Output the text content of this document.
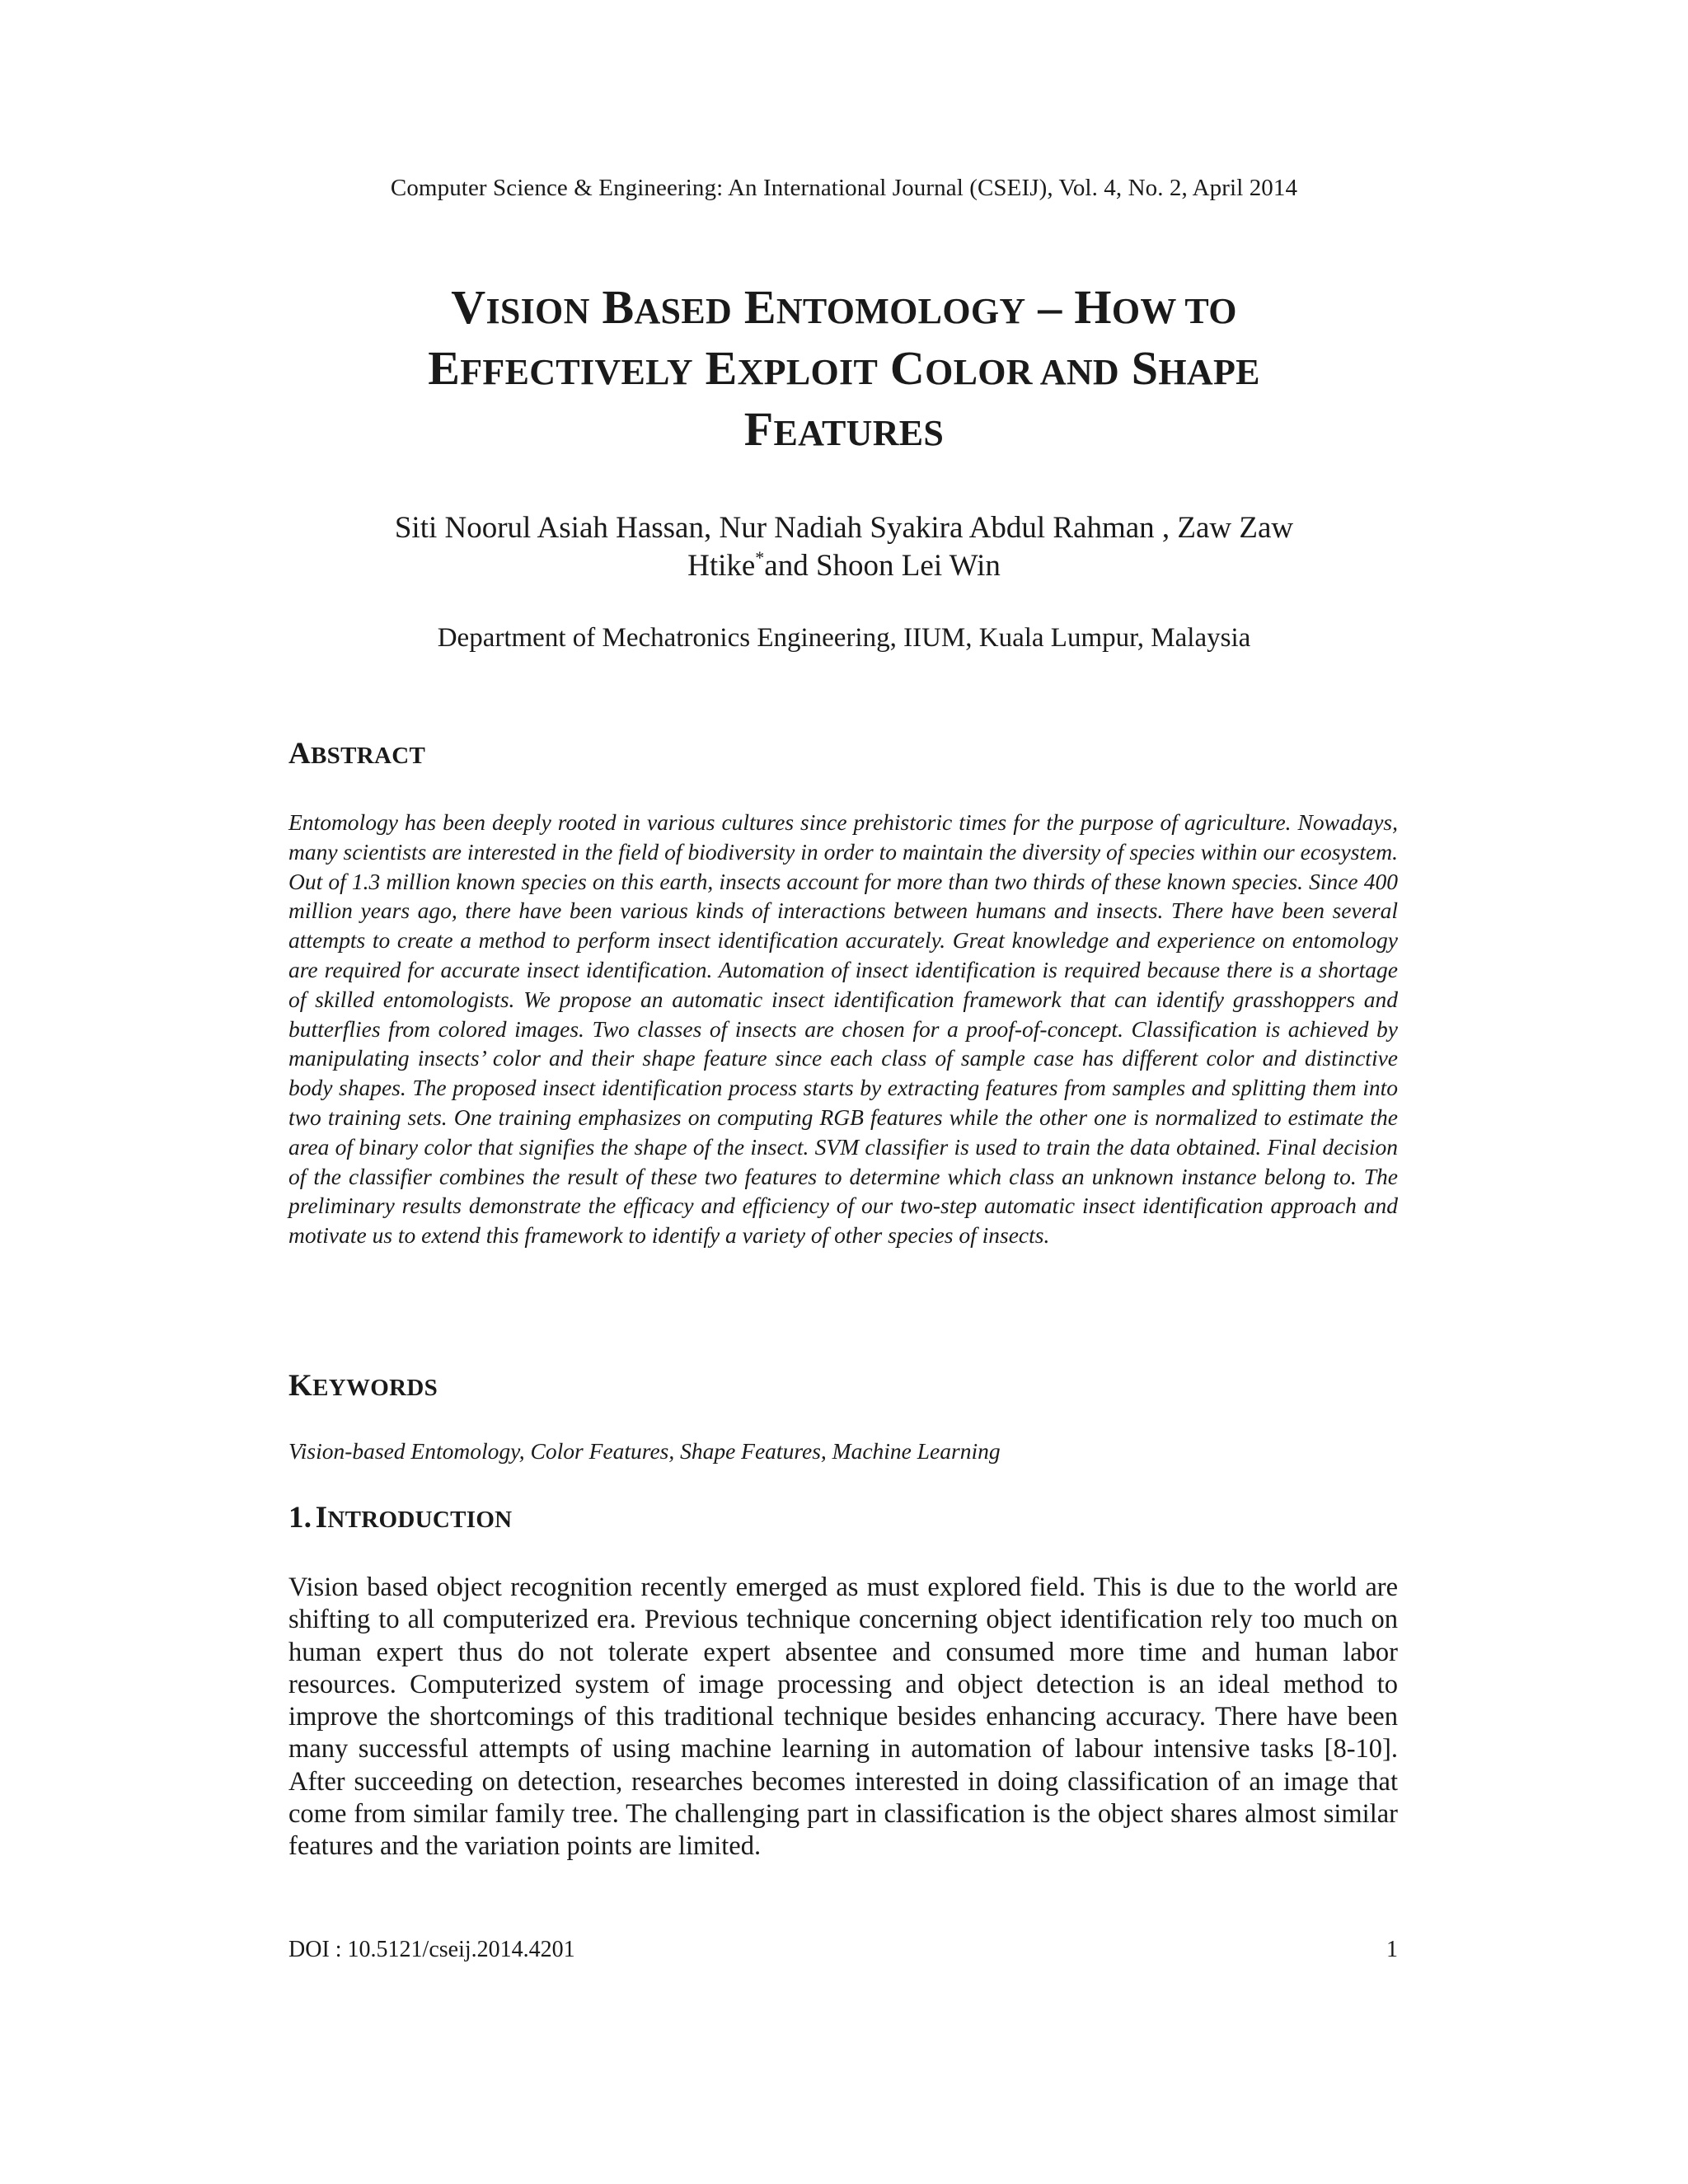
Computer Science & Engineering: An International Journal (CSEIJ), Vol. 4, No. 2, April 2014
VISION BASED ENTOMOLOGY – HOW TO
EFFECTIVELY EXPLOIT COLOR AND SHAPE
FEATURES
Siti Noorul Asiah Hassan, Nur Nadiah Syakira Abdul Rahman , Zaw Zaw
Htike*and Shoon Lei Win
Department of Mechatronics Engineering, IIUM, Kuala Lumpur, Malaysia
ABSTRACT
Entomology has been deeply rooted in various cultures since prehistoric times for the purpose of agriculture. Nowadays, many scientists are interested in the field of biodiversity in order to maintain the diversity of species within our ecosystem. Out of 1.3 million known species on this earth, insects account for more than two thirds of these known species. Since 400 million years ago, there have been various kinds of interactions between humans and insects. There have been several attempts to create a method to perform insect identification accurately. Great knowledge and experience on entomology are required for accurate insect identification. Automation of insect identification is required because there is a shortage of skilled entomologists. We propose an automatic insect identification framework that can identify grasshoppers and butterflies from colored images. Two classes of insects are chosen for a proof-of-concept. Classification is achieved by manipulating insects’ color and their shape feature since each class of sample case has different color and distinctive body shapes. The proposed insect identification process starts by extracting features from samples and splitting them into two training sets. One training emphasizes on computing RGB features while the other one is normalized to estimate the area of binary color that signifies the shape of the insect. SVM classifier is used to train the data obtained. Final decision of the classifier combines the result of these two features to determine which class an unknown instance belong to. The preliminary results demonstrate the efficacy and efficiency of our two-step automatic insect identification approach and motivate us to extend this framework to identify a variety of other species of insects.
KEYWORDS
Vision-based Entomology, Color Features, Shape Features, Machine Learning
1. INTRODUCTION
Vision based object recognition recently emerged as must explored field. This is due to the world are shifting to all computerized era. Previous technique concerning object identification rely too much on human expert thus do not tolerate expert absentee and consumed more time and human labor resources. Computerized system of image processing and object detection is an ideal method to improve the shortcomings of this traditional technique besides enhancing accuracy. There have been many successful attempts of using machine learning in automation of labour intensive tasks [8-10]. After succeeding on detection, researches becomes interested in doing classification of an image that come from similar family tree. The challenging part in classification is the object shares almost similar features and the variation points are limited.
DOI : 10.5121/cseij.2014.4201	1
